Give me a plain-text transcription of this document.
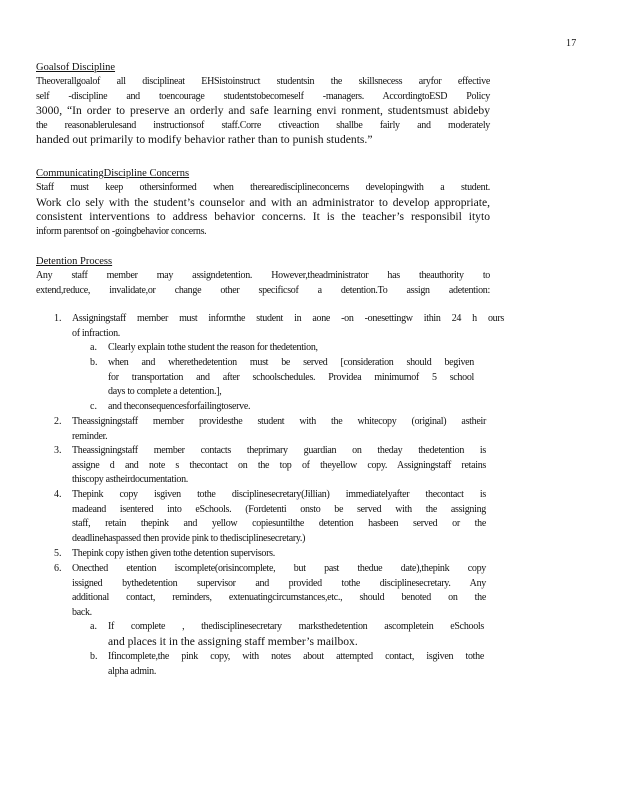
17

Goalsof Discipline

Theoverallgoalof all disciplineat EHSistoinstruct studentsin the skillsnecess aryfor effective

self -discipline and toencourage studentstobecomeself -managers. AccordingtoESD Policy

3000, “In order to preserve an orderly and safe learning envi ronment, studentsmust abideby

the reasonablerulesand instructionsof staff.Corre ctiveaction shallbe fairly and moderately

handed out primarily to modify behavior rather than to punish students.”

CommunicatingDiscipline Concerns

Staff must keep othersinformed when therearedisciplineconcerns developingwith a student.

Work clo sely with the student’s counselor and with an administrator to develop appropriate,

consistent interventions to address behavior concerns. It is the teacher’s responsibil ityto

inform parentsof on -goingbehavior concerns.

Detention Process

Any staff member may assigndetention. However,theadministrator has theauthority to

extend,reduce, invalidate,or change other specificsof a detention.To assign adetention:

1. Assigningstaff member must informthe student in aone -on -onesettingw ithin 24 h ours

of infraction.

a. Clearly explain tothe student the reason for thedetention,

b. when and wherethedetention must be served [consideration should begiven

for transportation and after schoolschedules. Providea minimumof 5 school

days to complete a detention.],

c. and theconsequencesforfailingtoserve.

2. Theassigningstaff member providesthe student with the whitecopy (original) astheir

reminder.

3. Theassigningstaff member contacts theprimary guardian on theday thedetention is

assigne d and note s thecontact on the top of theyellow copy. Assigningstaff retains

thiscopy astheirdocumentation.

4. Thepink copy isgiven tothe disciplinesecretary(Jillian) immediatelyafter thecontact is

madeand isentered into eSchools. (Fordetenti onsto be served with the assigning

staff, retain thepink and yellow copiesuntilthe detention hasbeen served or the

deadlinehaspassed then provide pink to thedisciplinesecretary.)

5. Thepink copy isthen given tothe detention supervisors.

6. Onecthed etention iscomplete(orisincomplete, but past thedue date),thepink copy

issigned bythedetention supervisor and provided tothe disciplinesecretary. Any

additional contact, reminders, extenuatingcircumstances,etc., should benoted on the

back.

a. If complete , thedisciplinesecretary marksthedetention ascompletein eSchools

and places it in the assigning staff member’s mailbox.

b. Ifincomplete,the pink copy, with notes about attempted contact, isgiven tothe

alpha admin.
